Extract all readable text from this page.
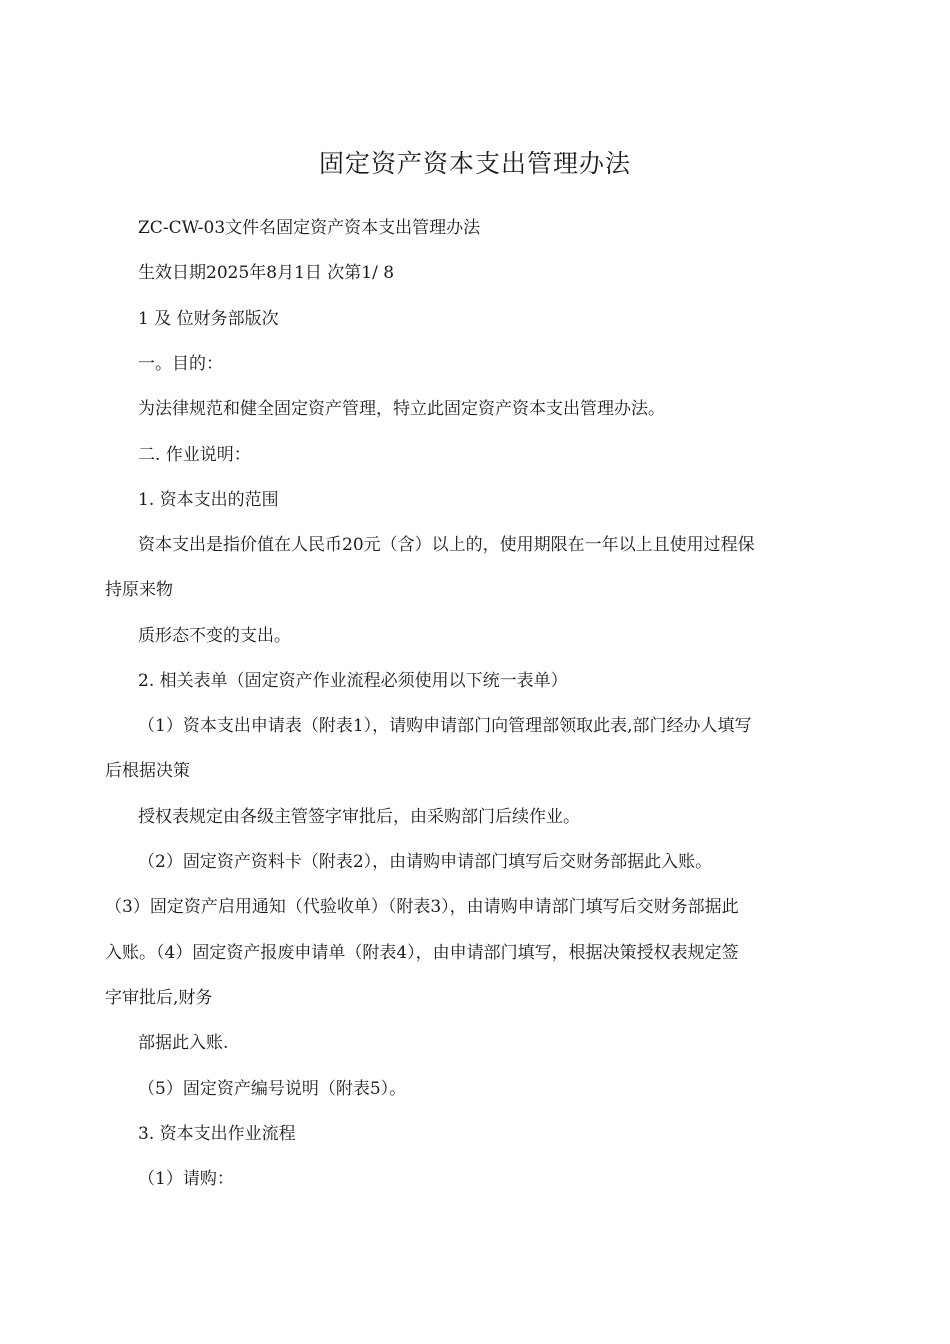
固定资产资本支出管理办法

ZC-CW-03文件名固定资产资本支出管理办法

生效日期2025年8月1日 次第1/ 8

1 及 位财务部版次

一。目的：

为法律规范和健全固定资产管理，特立此固定资产资本支出管理办法。

二. 作业说明：

1. 资本支出的范围

资本支出是指价值在人民币20元（含）以上的，使用期限在一年以上且使用过程保

持原来物

质形态不变的支出。

2. 相关表单（固定资产作业流程必须使用以下统一表单）

（1）资本支出申请表（附表1），请购申请部门向管理部领取此表,部门经办人填写

后根据决策

授权表规定由各级主管签字审批后，由采购部门后续作业。

（2）固定资产资料卡（附表2），由请购申请部门填写后交财务部据此入账。

（3）固定资产启用通知（代验收单）（附表3），由请购申请部门填写后交财务部据此

入账。（4）固定资产报废申请单（附表4），由申请部门填写，根据决策授权表规定签

字审批后,财务

部据此入账.

（5）固定资产编号说明（附表5）。

3. 资本支出作业流程

（1）请购：
